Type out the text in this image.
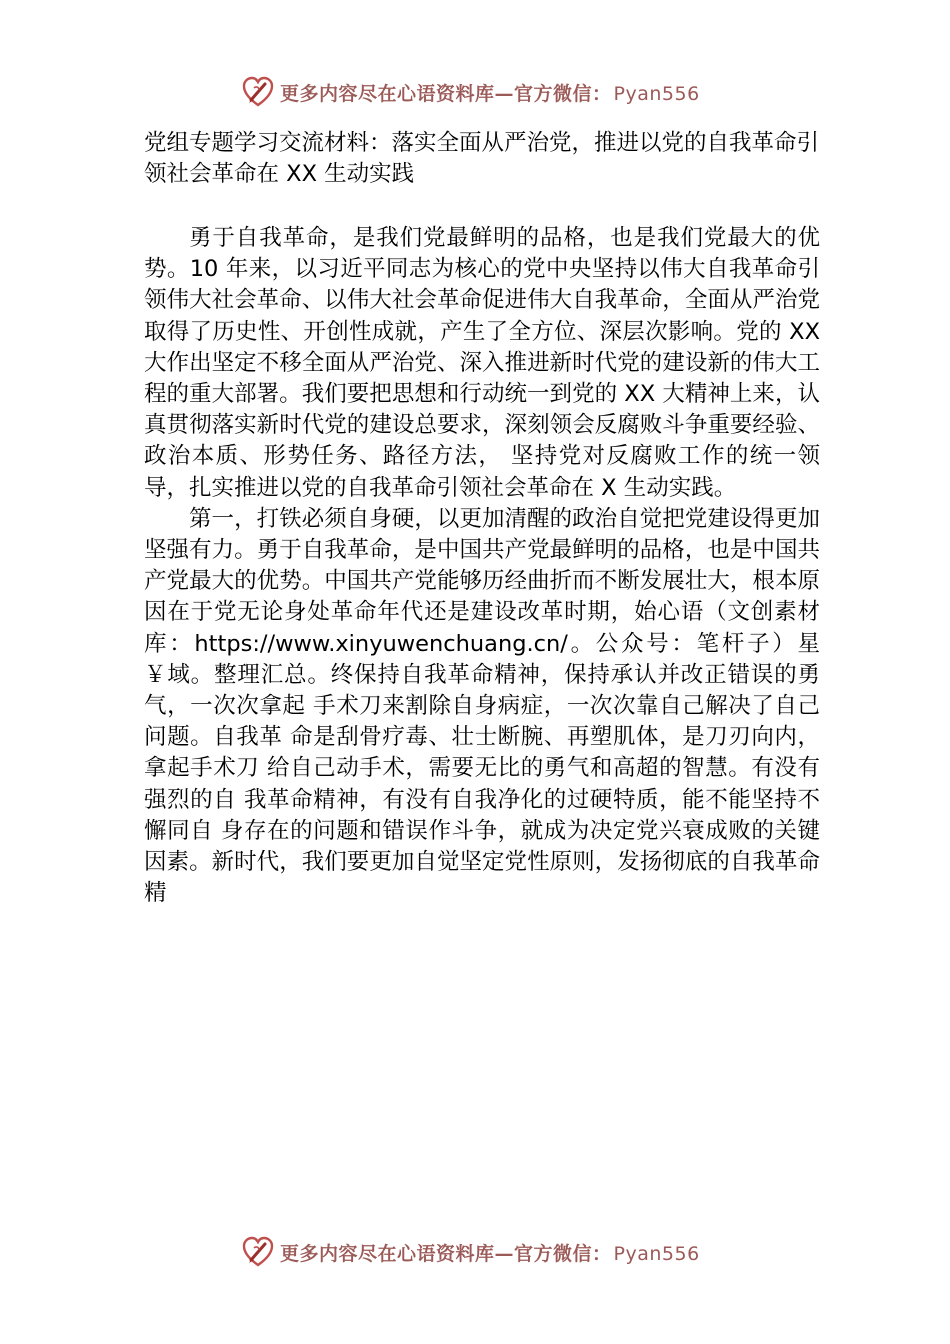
更多内容尽在心语资料库—官方微信： Pyan556

党组专题学习交流材料：落实全面从严治党，推进以党的自我革命引领社会革命在 XX 生动实践

勇于自我革命，是我们党最鲜明的品格，也是我们党最大的优势。10 年来，以习近平同志为核心的党中央坚持以伟大自我革命引领伟大社会革命、以伟大社会革命促进伟大自我革命，全面从严治党取得了历史性、开创性成就，产生了全方位、深层次影响。党的 XX 大作出坚定不移全面从严治党、深入推进新时代党的建设新的伟大工程的重大部署。我们要把思想和行动统一到党的 XX 大精神上来，认真贯彻落实新时代党的建设总要求，深刻领会反腐败斗争重要经验、政治本质、形势任务、路径方法， 坚持党对反腐败工作的统一领导，扎实推进以党的自我革命引领社会革命在 X 生动实践。

第一，打铁必须自身硬，以更加清醒的政治自觉把党建设得更加坚强有力。勇于自我革命，是中国共产党最鲜明的品格，也是中国共产党最大的优势。中国共产党能够历经曲折而不断发展壮大，根本原因在于党无论身处革命年代还是建设改革时期，始心语（文创素材库：https://www.xinyuwenchuang.cn/。公众号：笔杆子）星￥域。整理汇总。终保持自我革命精神，保持承认并改正错误的勇气，一次次拿起 手术刀来割除自身病症，一次次靠自己解决了自己问题。自我革 命是刮骨疗毒、壮士断腕、再塑肌体，是刀刃向内，拿起手术刀 给自己动手术，需要无比的勇气和高超的智慧。有没有强烈的自 我革命精神，有没有自我净化的过硬特质，能不能坚持不懈同自 身存在的问题和错误作斗争，就成为决定党兴衰成败的关键因素。新时代，我们要更加自觉坚定党性原则，发扬彻底的自我革命精

更多内容尽在心语资料库—官方微信： Pyan556
